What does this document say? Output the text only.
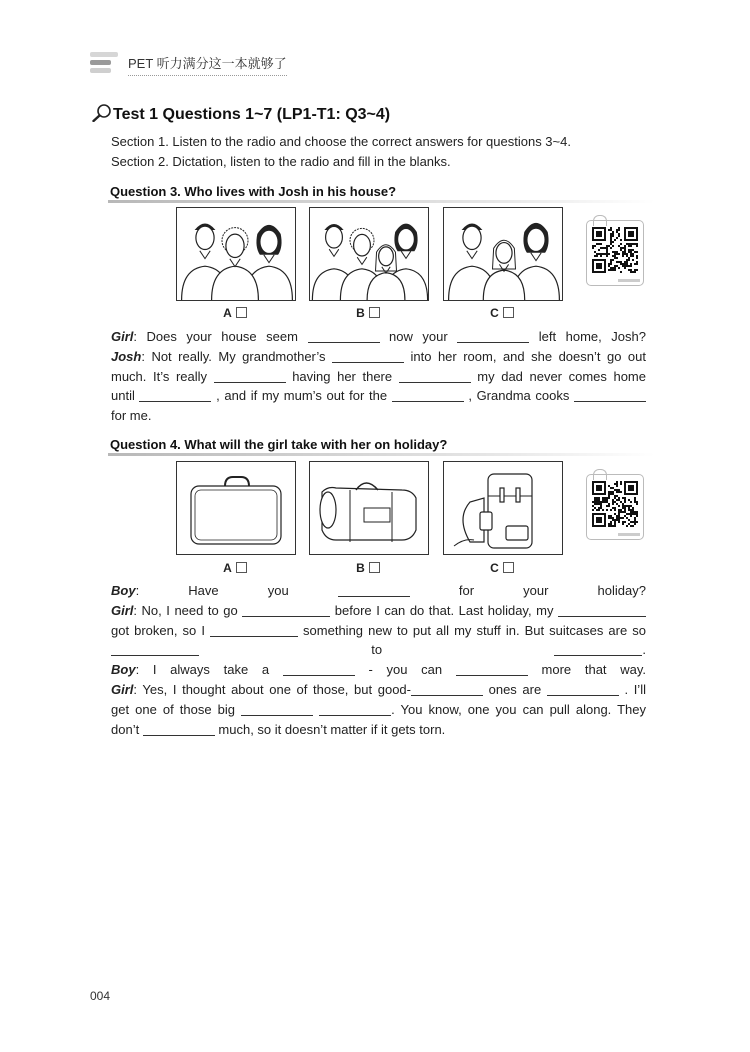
PET 听力满分这一本就够了
Test 1 Questions 1~7 (LP1-T1: Q3~4)
Section 1. Listen to the radio and choose the correct answers for questions 3~4.
Section 2. Dictation, listen to the radio and fill in the blanks.
Question 3. Who lives with Josh in his house?
A	B	C
Girl: Does your house seem	now your	left home, Josh?
Josh: Not really. My grandmother’s	into her room, and she doesn’t go out
much. It’s really	having her there	my dad never comes home
until	, and if my mum’s out for the	, Grandma cooks
for me.
Question 4. What will the girl take with her on holiday?
A	B	C
Boy: Have you	for your holiday?
Girl: No, I need to go	before I can do that. Last holiday, my
got broken, so I	something new to put all my stuff in. But suitcases are so
to	.
Boy: I always take a	- you can	more that way.
Girl: Yes, I thought about one of those, but good-	ones are	. I’ll
get one of those big	. You know, one you can pull along. They
don’t	much, so it doesn’t matter if it gets torn.
004
